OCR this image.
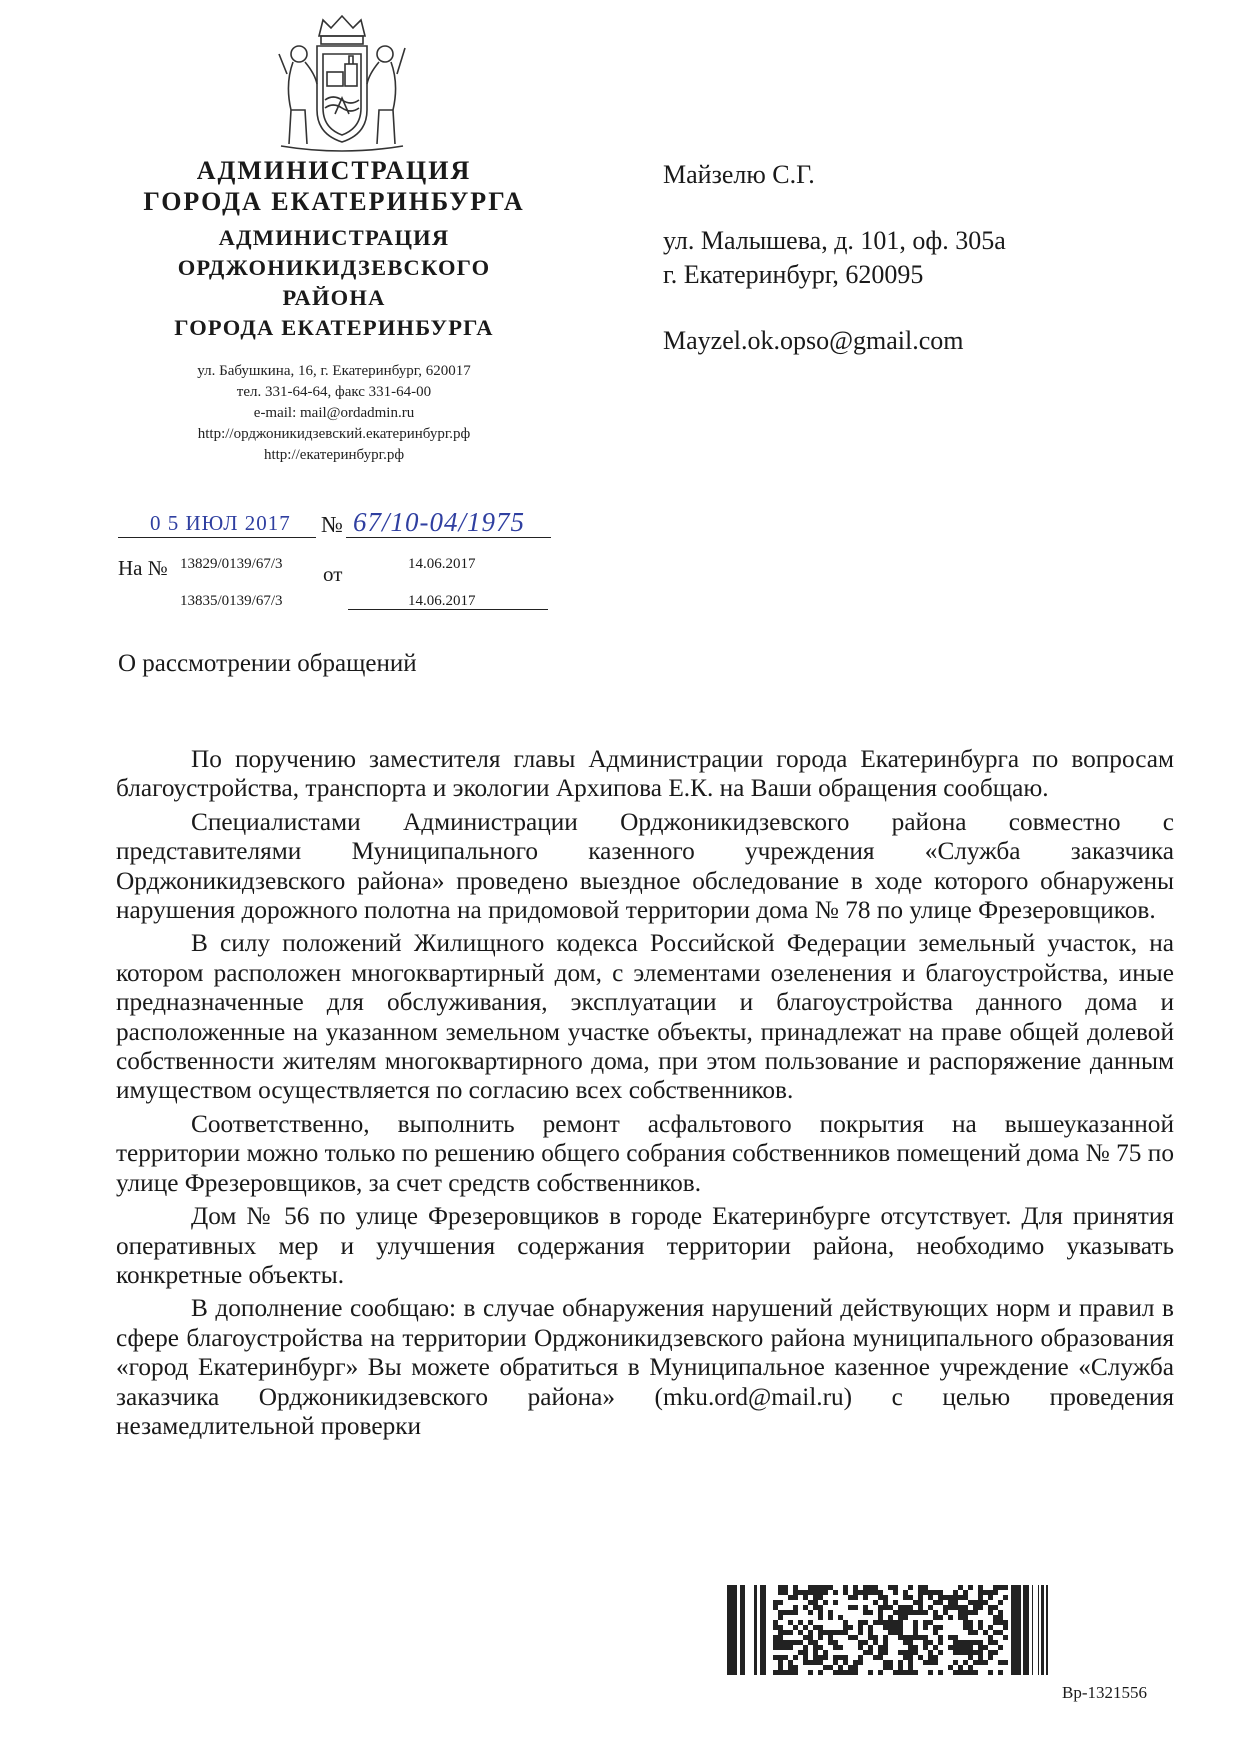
АДМИНИСТРАЦИЯ
ГОРОДА ЕКАТЕРИНБУРГА
АДМИНИСТРАЦИЯ
ОРДЖОНИКИДЗЕВСКОГО
РАЙОНА
ГОРОДА ЕКАТЕРИНБУРГА
ул. Бабушкина, 16, г. Екатеринбург, 620017
тел. 331-64-64, факс 331-64-00
e-mail: mail@ordadmin.ru
http://орджоникидзевский.екатеринбург.рф
http://екатеринбург.рф
Майзелю С.Г.
ул. Малышева, д. 101, оф. 305а
г. Екатеринбург, 620095
Mayzel.ok.opso@gmail.com
0 5 ИЮЛ 2017 № 67/10-04/1975
На № 13829/0139/67/3 от	14.06.2017
13835/0139/67/3	14.06.2017
О рассмотрении обращений

По поручению заместителя главы Администрации города Екатеринбурга по вопросам благоустройства, транспорта и экологии Архипова Е.К. на Ваши обращения сообщаю.

Специалистами Администрации Орджоникидзевского района совместно с представителями Муниципального казенного учреждения «Служба заказчика Орджоникидзевского района» проведено выездное обследование в ходе которого обнаружены нарушения дорожного полотна на придомовой территории дома № 78 по улице Фрезеровщиков.

В силу положений Жилищного кодекса Российской Федерации земельный участок, на котором расположен многоквартирный дом, с элементами озеленения и благоустройства, иные предназначенные для обслуживания, эксплуатации и благоустройства данного дома и расположенные на указанном земельном участке объекты, принадлежат на праве общей долевой собственности жителям многоквартирного дома, при этом пользование и распоряжение данным имуществом осуществляется по согласию всех собственников.

Соответственно, выполнить ремонт асфальтового покрытия на вышеуказанной территории можно только по решению общего собрания собственников помещений дома № 75 по улице Фрезеровщиков, за счет средств собственников.

Дом № 56 по улице Фрезеровщиков в городе Екатеринбурге отсутствует. Для принятия оперативных мер и улучшения содержания территории района, необходимо указывать конкретные объекты.

В дополнение сообщаю: в случае обнаружения нарушений действующих норм и правил в сфере благоустройства на территории Орджоникидзевского района муниципального образования «город Екатеринбург» Вы можете обратиться в Муниципальное казенное учреждение «Служба заказчика Орджоникидзевского района» (mku.ord@mail.ru) с целью проведения незамедлительной проверки

Вр-1321556
